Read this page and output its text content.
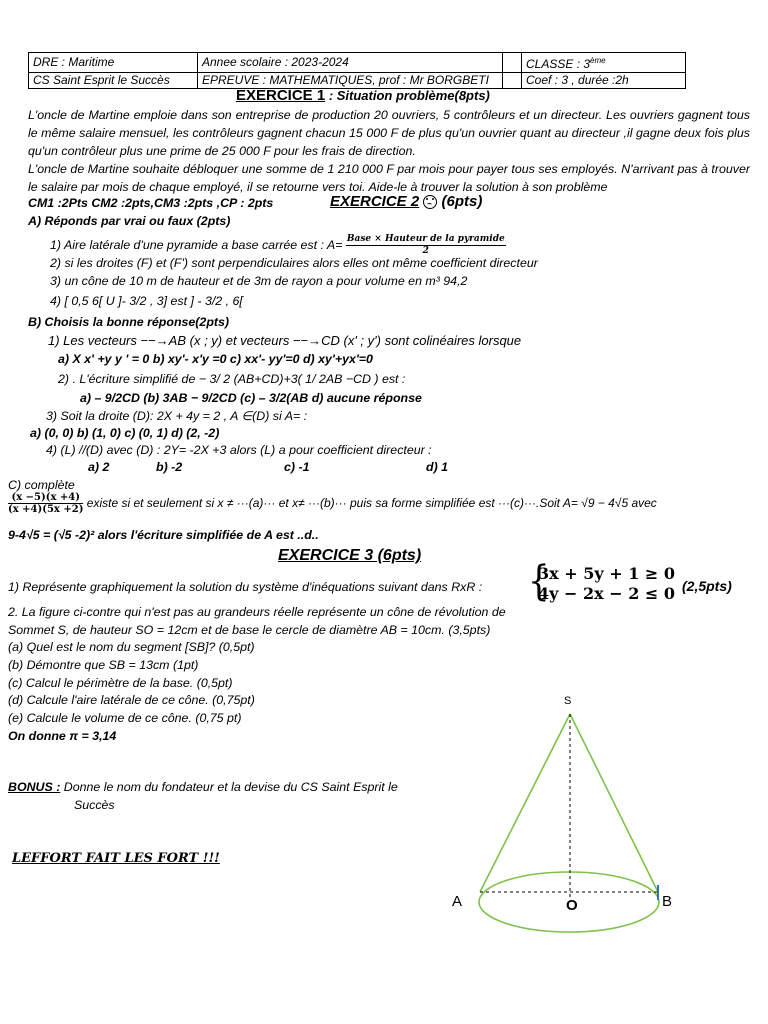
DRE : Maritime	Annee scolaire : 2023-2024		CLASSE : 3ème
CS Saint Esprit le Succès	EPREUVE : MATHEMATIQUES, prof : Mr BORGBETI		Coef : 3 , durée :2h
EXERCICE 1 : Situation problème(8pts)
L'oncle de Martine emploie dans son entreprise de production 20 ouvriers, 5 contrôleurs et un directeur. Les ouvriers gagnent tous le même salaire mensuel, les contrôleurs gagnent chacun 15 000 F de plus qu'un ouvrier quant au directeur ,il gagne deux fois plus qu'un contrôleur plus une prime de 25 000 F pour les frais de direction.
L'oncle de Martine souhaite débloquer une somme de 1 210 000 F par mois pour payer tous ses employés. N'arrivant pas à trouver le salaire par mois de chaque employé, il se retourne vers toi. Aide-le à trouver la solution à son problème
CM1 :2Pts CM2 :2pts,CM3 :2pts ,CP : 2pts	EXERCICE 2
(6pts)
A) Réponds par vrai ou faux (2pts)
1) Aire latérale d'une pyramide a base carrée est : $A= \frac{\text{Base × Hauteur de la pyramide}}{2}$
2) si les droites (F) et (F') sont perpendiculaires alors elles ont même coefficient directeur
3) un cône de 10 m de hauteur et de 3m de rayon a pour volume en m³ 94,2
4) [ 0,5 6[ U ]- 3/2 , 3] est ] - 3/2 , 6[
B) Choisis la bonne réponse(2pts)
1) Les vecteurs −−→AB (x ; y) et vecteurs −−→CD (x' ; y') sont colinéaires lorsque
a) X x' +y y ' = 0 b) xy'- x'y =0 c) xx'- yy'=0 d) xy'+yx'=0
2) . L'écriture simplifié de − 3/ 2 (AB+CD)+3( 1/ 2AB −CD ) est :
a) – 9/2CD (b) 3AB − 9/2CD (c) – 3/2(AB d) aucune réponse
3) Soit la droite (D): 2X + 4y = 2 , A ∈(D) si A= :
a) (0, 0) b) (1, 0) c) (0, 1) d) (2, -2)
4) (L) //(D) avec (D) : 2Y= -2X +3 alors (L) a pour coefficient directeur :
a) 2	b) -2	c) -1	d) 1
C) complète
$\frac{(x -5)(x +4)}{(x +4)(5x +2)}$ existe si et seulement si x ≠ ···(a)··· et x≠ ···(b)··· puis sa forme simplifiée est ···(c)···.Soit A= √9 − 4√5 avec
9-4√5 = (√5 -2)² alors l'écriture simplifiée de A est ..d..
EXERCICE 3 (6pts)
1) Représente graphiquement la solution du système d'inéquations suivant dans RxR : {
3x + 5y + 1 ≥ 0
4y − 2x − 2 ≤ 0 (2,5pts)
2. La figure ci-contre qui n'est pas au grandeurs réelle représente un cône de révolution de
Sommet S, de hauteur SO = 12cm et de base le cercle de diamètre AB = 10cm. (3,5pts)
(a) Quel est le nom du segment [SB]? (0,5pt)
(b) Démontre que SB = 13cm (1pt)
(c) Calcul le périmètre de la base. (0,5pt)
(d) Calcule l'aire latérale de ce cône. (0,75pt)
(e) Calcule le volume de ce cône. (0,75 pt)
On donne π = 3,14
BONUS : Donne le nom du fondateur et la devise du CS Saint Esprit le
Succès
LEFFORT FAIT LES FORT !!!
S
A	O	B
